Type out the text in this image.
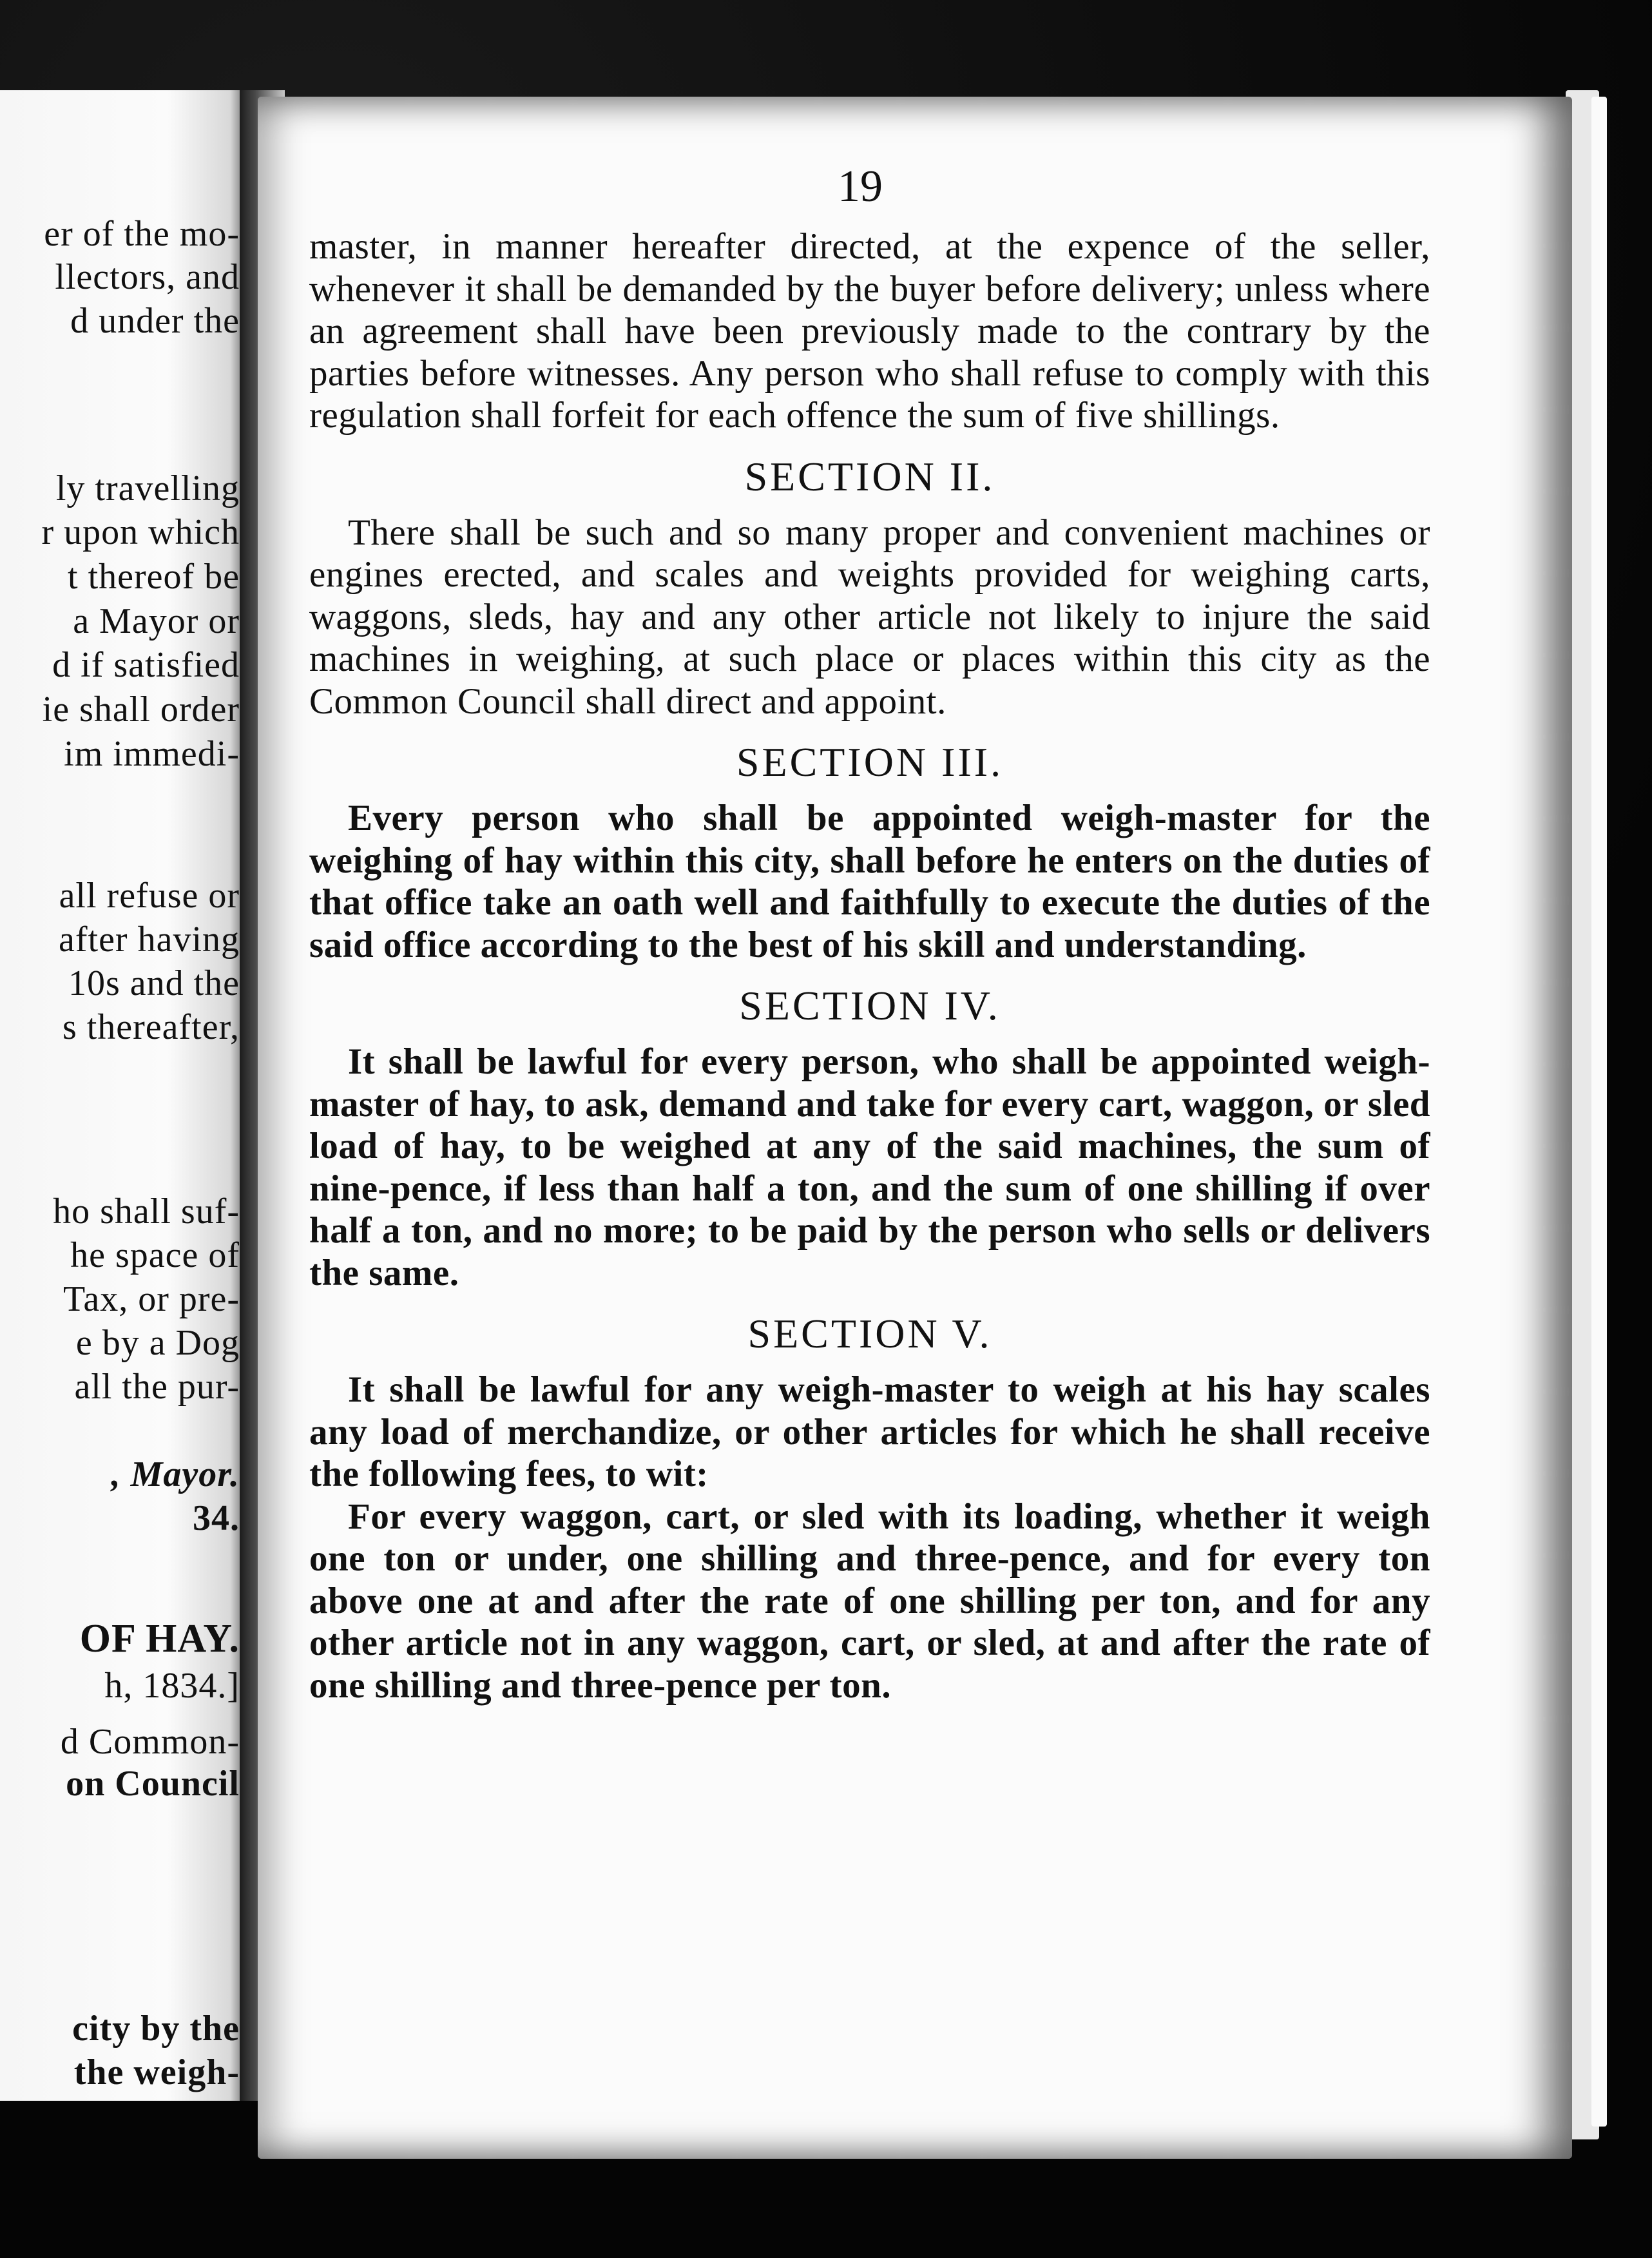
er of the mo-
llectors, and
d under the
ly travelling
r upon which
t thereof be
a Mayor or
d if satisfied
ie shall order
im immedi-
all refuse or
after having
10s and the
s thereafter,
ho shall suf-
he space of
Tax, or pre-
e by a Dog
all the pur-
, Mayor.
34.
OF HAY.
h, 1834.]
d Common-
on Council
city by the
the weigh-
19

master, in manner hereafter directed, at the expence of the seller, whenever it shall be demanded by the buyer before delivery; unless where an agreement shall have been previously made to the contrary by the parties before witnesses. Any person who shall refuse to comply with this regulation shall forfeit for each offence the sum of five shillings.

SECTION II.

There shall be such and so many proper and convenient machines or engines erected, and scales and weights provided for weighing carts, waggons, sleds, hay and any other article not likely to injure the said machines in weighing, at such place or places within this city as the Common Council shall direct and appoint.

SECTION III.

Every person who shall be appointed weigh-master for the weighing of hay within this city, shall before he enters on the duties of that office take an oath well and faithfully to execute the duties of the said office according to the best of his skill and understanding.

SECTION IV.

It shall be lawful for every person, who shall be appointed weigh-master of hay, to ask, demand and take for every cart, waggon, or sled load of hay, to be weighed at any of the said machines, the sum of nine-pence, if less than half a ton, and the sum of one shilling if over half a ton, and no more; to be paid by the person who sells or delivers the same.

SECTION V.

It shall be lawful for any weigh-master to weigh at his hay scales any load of merchandize, or other articles for which he shall receive the following fees, to wit:

For every waggon, cart, or sled with its loading, whether it weigh one ton or under, one shilling and three-pence, and for every ton above one at and after the rate of one shilling per ton, and for any other article not in any waggon, cart, or sled, at and after the rate of one shilling and three-pence per ton.
